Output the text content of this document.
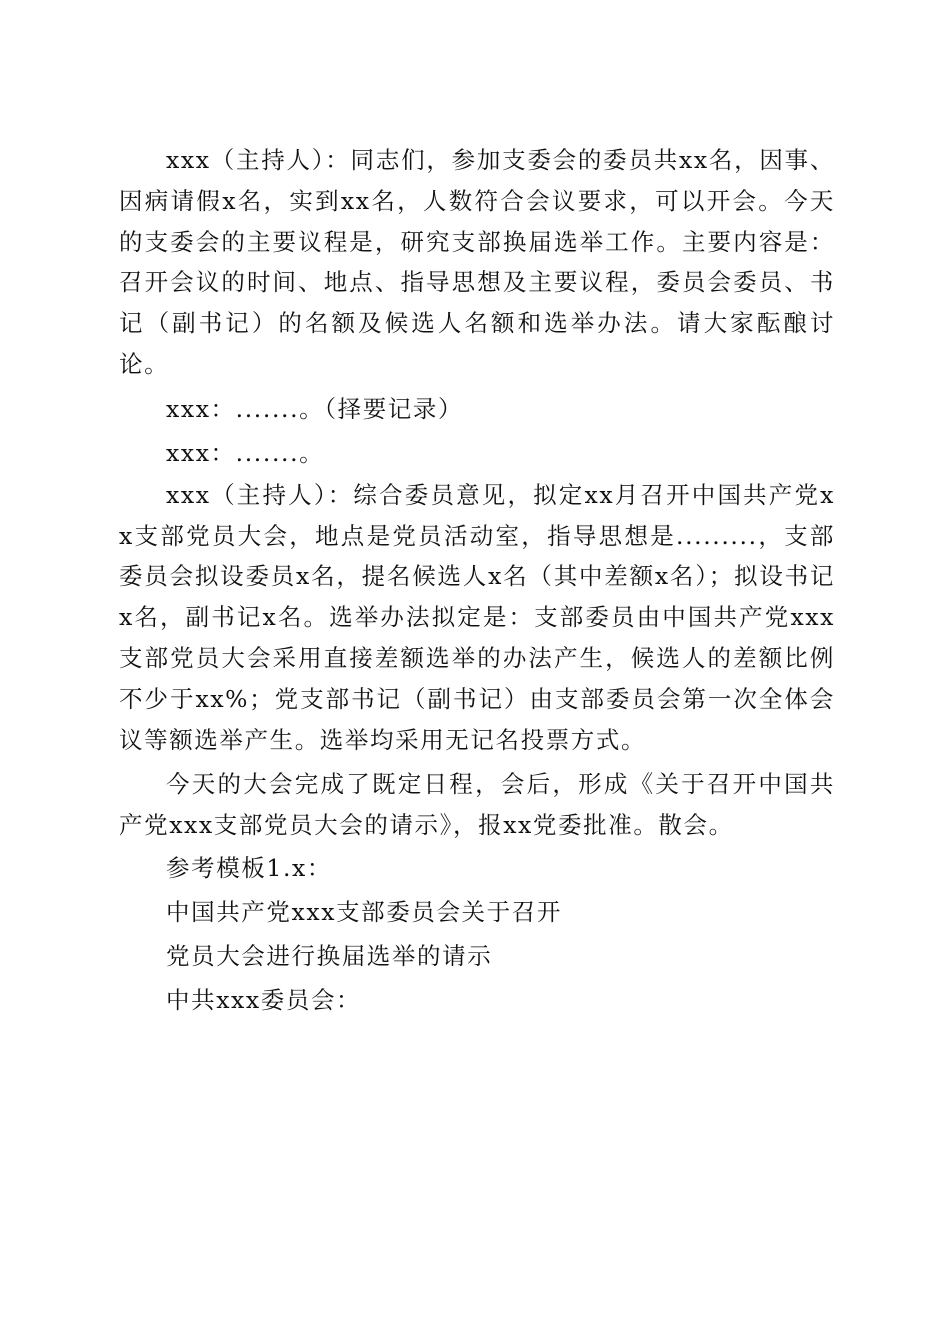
xxx（主持人）：同志们，参加支委会的委员共xx名，因事、因病请假x名，实到xx名，人数符合会议要求，可以开会。今天的支委会的主要议程是，研究支部换届选举工作。主要内容是：召开会议的时间、地点、指导思想及主要议程，委员会委员、书记（副书记）的名额及候选人名额和选举办法。请大家酝酿讨论。

xxx：.......。（择要记录）

xxx：.......。

xxx（主持人）：综合委员意见，拟定xx月召开中国共产党xx支部党员大会，地点是党员活动室，指导思想是.........，支部委员会拟设委员x名，提名候选人x名（其中差额x名）；拟设书记x名，副书记x名。选举办法拟定是：支部委员由中国共产党xxx支部党员大会采用直接差额选举的办法产生，候选人的差额比例不少于xx%；党支部书记（副书记）由支部委员会第一次全体会议等额选举产生。选举均采用无记名投票方式。

今天的大会完成了既定日程，会后，形成《关于召开中国共产党xxx支部党员大会的请示》，报xx党委批准。散会。

参考模板1.x：

中国共产党xxx支部委员会关于召开

党员大会进行换届选举的请示

中共xxx委员会：
